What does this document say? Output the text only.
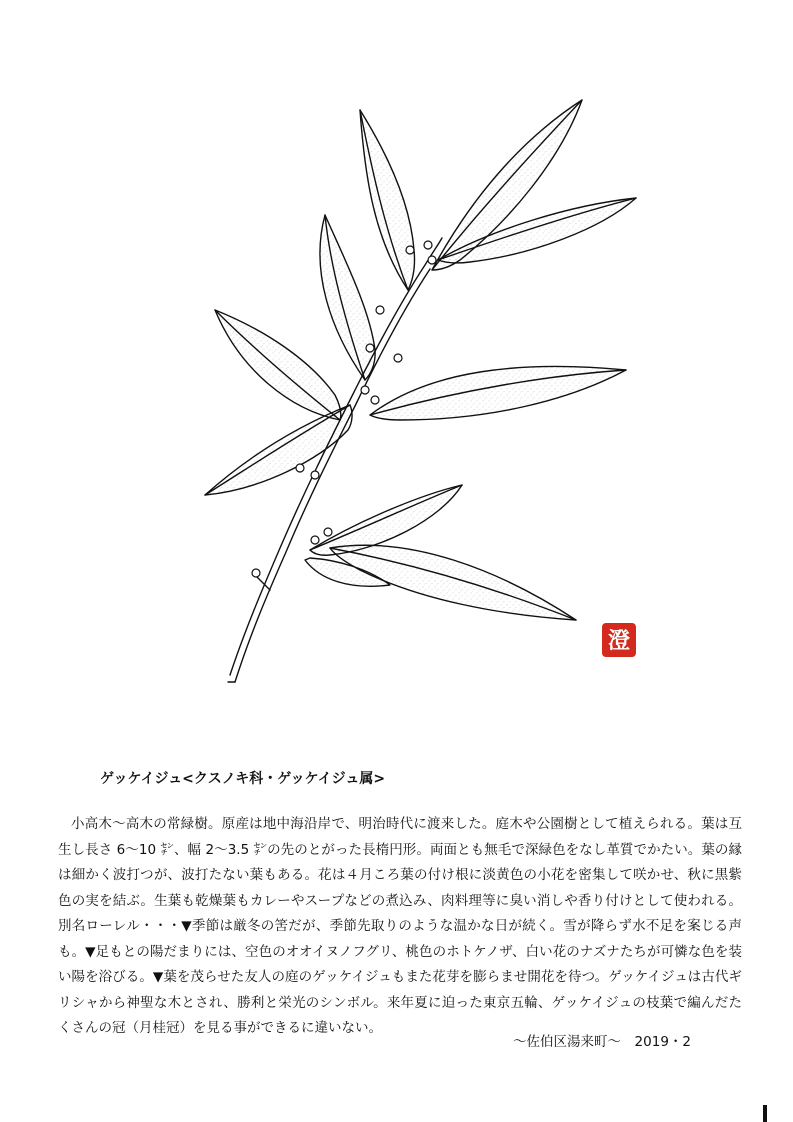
澄
ゲッケイジュ<クスノキ科・ゲッケイジュ属>

小高木～高木の常緑樹。原産は地中海沿岸で、明治時代に渡来した。庭木や公園樹として植えられる。葉は互生し長さ 6～10 ㌢、幅 2～3.5 ㌢の先のとがった長楕円形。両面とも無毛で深緑色をなし革質でかたい。葉の縁は細かく波打つが、波打たない葉もある。花は４月ころ葉の付け根に淡黄色の小花を密集して咲かせ、秋に黒紫色の実を結ぶ。生葉も乾燥葉もカレーやスープなどの煮込み、肉料理等に臭い消しや香り付けとして使われる。別名ローレル・・・▼季節は厳冬の筈だが、季節先取りのような温かな日が続く。雪が降らず水不足を案じる声も。▼足もとの陽だまりには、空色のオオイヌノフグリ、桃色のホトケノザ、白い花のナズナたちが可憐な色を装い陽を浴びる。▼葉を茂らせた友人の庭のゲッケイジュもまた花芽を膨らませ開花を待つ。ゲッケイジュは古代ギリシャから神聖な木とされ、勝利と栄光のシンボル。来年夏に迫った東京五輪、ゲッケイジュの枝葉で編んだたくさんの冠（月桂冠）を見る事ができるに違いない。

～佐伯区湯来町～　2019・2
